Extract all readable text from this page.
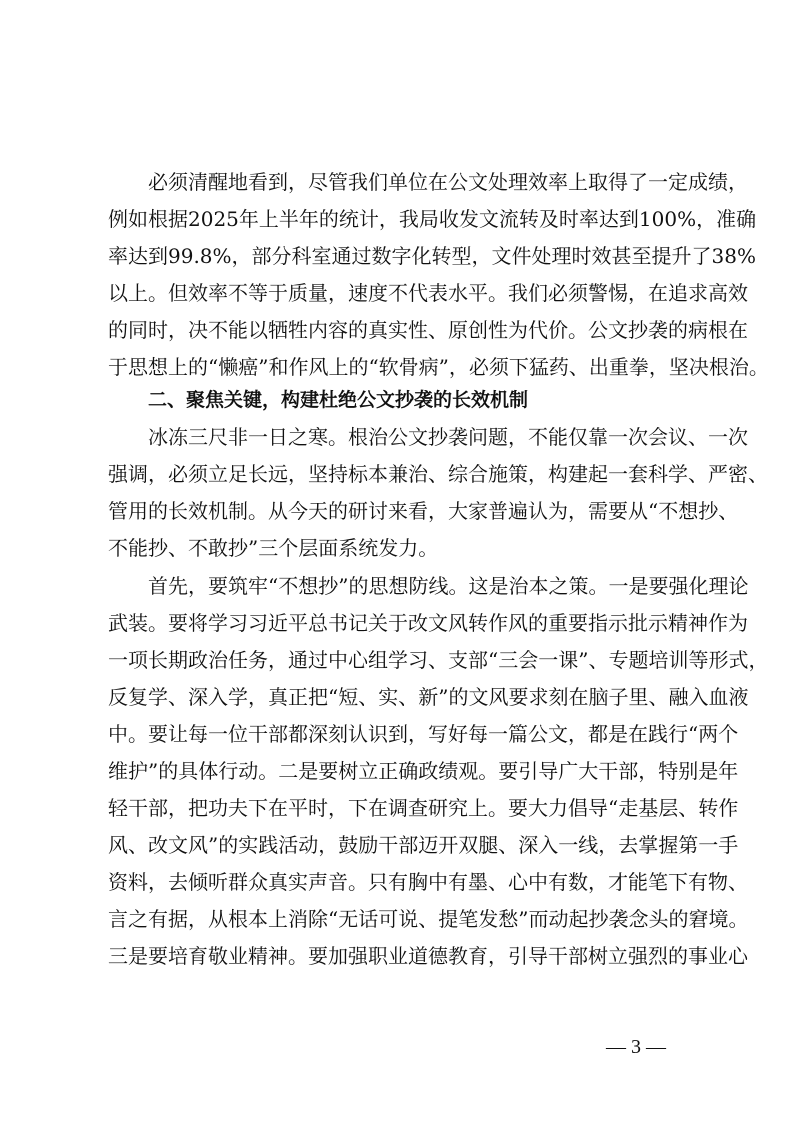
必须清醒地看到，尽管我们单位在公文处理效率上取得了一定成绩，
例如根据2025年上半年的统计，我局收发文流转及时率达到100%，准确
率达到99.8%，部分科室通过数字化转型，文件处理时效甚至提升了38%
以上。但效率不等于质量，速度不代表水平。我们必须警惕，在追求高效
的同时，决不能以牺牲内容的真实性、原创性为代价。公文抄袭的病根在
于思想上的“懒癌”和作风上的“软骨病”，必须下猛药、出重拳，坚决根治。
二、聚焦关键，构建杜绝公文抄袭的长效机制
冰冻三尺非一日之寒。根治公文抄袭问题，不能仅靠一次会议、一次
强调，必须立足长远，坚持标本兼治、综合施策，构建起一套科学、严密、
管用的长效机制。从今天的研讨来看，大家普遍认为，需要从“不想抄、
不能抄、不敢抄”三个层面系统发力。
首先，要筑牢“不想抄”的思想防线。这是治本之策。一是要强化理论
武装。要将学习习近平总书记关于改文风转作风的重要指示批示精神作为
一项长期政治任务，通过中心组学习、支部“三会一课”、专题培训等形式，
反复学、深入学，真正把“短、实、新”的文风要求刻在脑子里、融入血液
中。要让每一位干部都深刻认识到，写好每一篇公文，都是在践行“两个
维护”的具体行动。二是要树立正确政绩观。要引导广大干部，特别是年
轻干部，把功夫下在平时，下在调查研究上。要大力倡导“走基层、转作
风、改文风”的实践活动，鼓励干部迈开双腿、深入一线，去掌握第一手
资料，去倾听群众真实声音。只有胸中有墨、心中有数，才能笔下有物、
言之有据，从根本上消除“无话可说、提笔发愁”而动起抄袭念头的窘境。
三是要培育敬业精神。要加强职业道德教育，引导干部树立强烈的事业心
— 3 —
